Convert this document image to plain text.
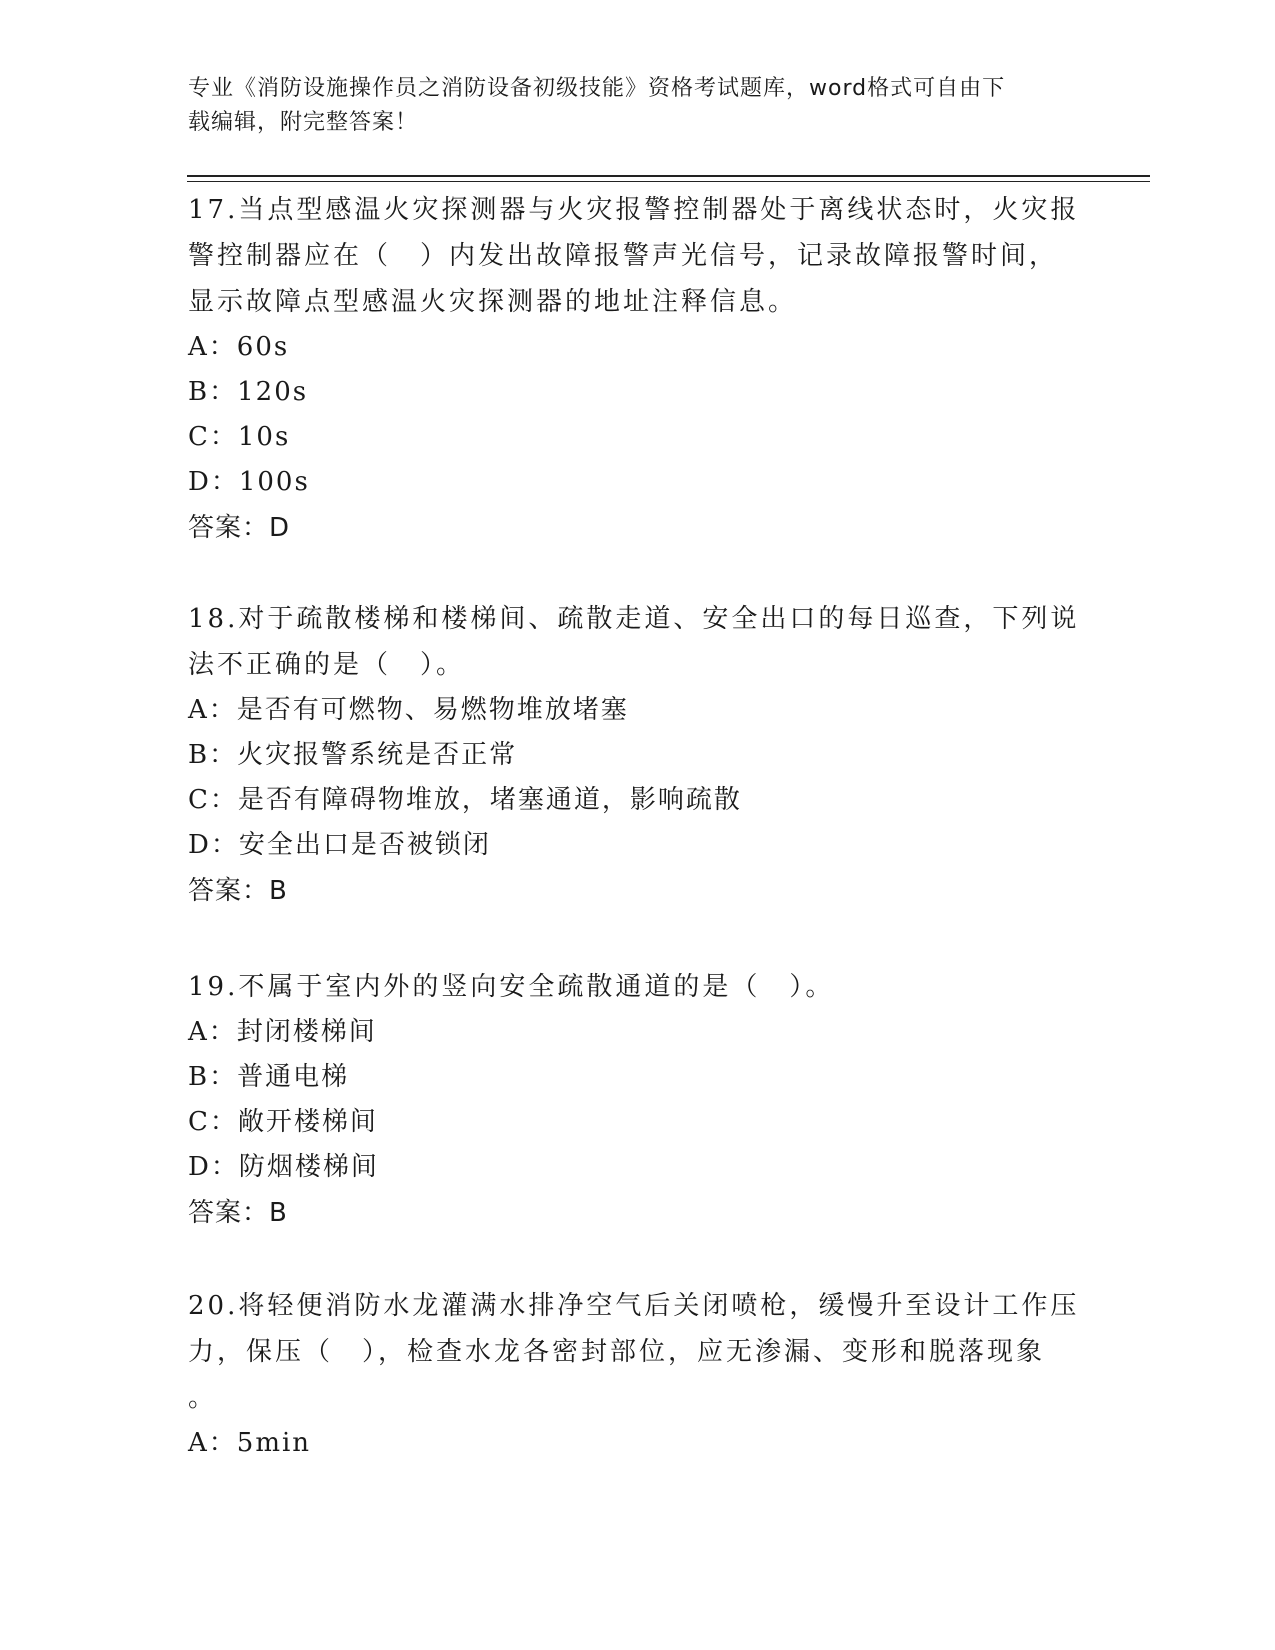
专业《消防设施操作员之消防设备初级技能》资格考试题库，word格式可自由下
载编辑，附完整答案！
17.当点型感温火灾探测器与火灾报警控制器处于离线状态时，火灾报
警控制器应在（　）内发出故障报警声光信号，记录故障报警时间，
显示故障点型感温火灾探测器的地址注释信息。
A：60s
B：120s
C：10s
D：100s
答案：D
18.对于疏散楼梯和楼梯间、疏散走道、安全出口的每日巡查，下列说
法不正确的是（　）。
A：是否有可燃物、易燃物堆放堵塞
B：火灾报警系统是否正常
C：是否有障碍物堆放，堵塞通道，影响疏散
D：安全出口是否被锁闭
答案：B
19.不属于室内外的竖向安全疏散通道的是（　）。
A：封闭楼梯间
B：普通电梯
C：敞开楼梯间
D：防烟楼梯间
答案：B
20.将轻便消防水龙灌满水排净空气后关闭喷枪，缓慢升至设计工作压
力，保压（　），检查水龙各密封部位，应无渗漏、变形和脱落现象
。
A：5min
